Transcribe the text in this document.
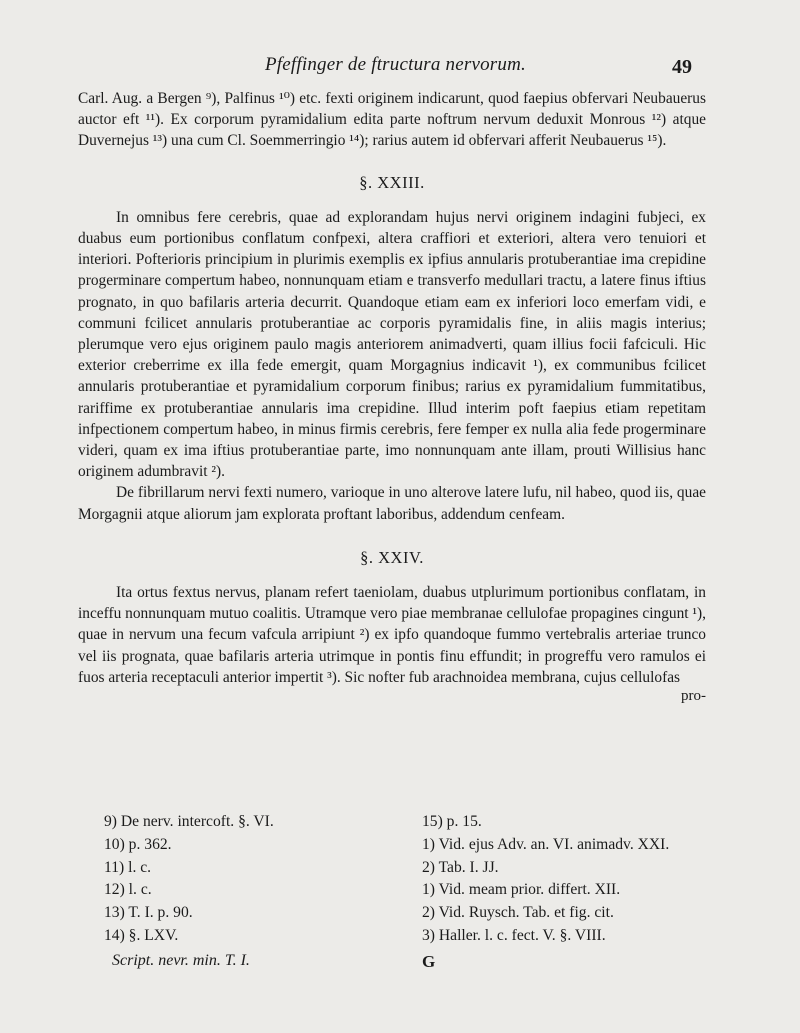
Pfeffinger de ftructura nervorum.	49

Carl. Aug. a Bergen ⁹), Palfinus ¹⁰) etc. fexti originem indicarunt, quod faepius obfervari Neubauerus auctor eft ¹¹). Ex corporum pyramidalium edita parte noftrum nervum deduxit Monrous ¹²) atque Duvernejus ¹³) una cum Cl. Soemmerringio ¹⁴); rarius autem id obfervari afferit Neubauerus ¹⁵).

§. XXIII.

In omnibus fere cerebris, quae ad explorandam hujus nervi originem indagini fubjeci, ex duabus eum portionibus conflatum confpexi, altera craffiori et exteriori, altera vero tenuiori et interiori. Pofterioris principium in plurimis exemplis ex ipfius annularis protuberantiae ima crepidine progerminare compertum habeo, nonnunquam etiam e transverfo medullari tractu, a latere finus iftius prognato, in quo bafilaris arteria decurrit. Quandoque etiam eam ex inferiori loco emerfam vidi, e communi fcilicet annularis protuberantiae ac corporis pyramidalis fine, in aliis magis interius; plerumque vero ejus originem paulo magis anteriorem animadverti, quam illius focii fafciculi. Hic exterior creberrime ex illa fede emergit, quam Morgagnius indicavit ¹), ex communibus fcilicet annularis protuberantiae et pyramidalium corporum finibus; rarius ex pyramidalium fummitatibus, rariffime ex protuberantiae annularis ima crepidine. Illud interim poft faepius etiam repetitam infpectionem compertum habeo, in minus firmis cerebris, fere femper ex nulla alia fede progerminare videri, quam ex ima iftius protuberantiae parte, imo nonnunquam ante illam, prouti Willisius hanc originem adumbravit ²).

De fibrillarum nervi fexti numero, varioque in uno alterove latere lufu, nil habeo, quod iis, quae Morgagnii atque aliorum jam explorata proftant laboribus, addendum cenfeam.

§. XXIV.

Ita ortus fextus nervus, planam refert taeniolam, duabus utplurimum portionibus conflatam, in inceffu nonnunquam mutuo coalitis. Utramque vero piae membranae cellulofae propagines cingunt ¹), quae in nervum una fecum vafcula arripiunt ²) ex ipfo quandoque fummo vertebralis arteriae trunco vel iis prognata, quae bafilaris arteria utrimque in pontis finu effundit; in progreffu vero ramulos ei fuos arteria receptaculi anterior impertit ³). Sic nofter fub arachnoidea membrana, cujus cellulofas

pro-
9) De nerv. intercoft. §. VI.
10) p. 362.
11) l. c.
12) l. c.
13) T. I. p. 90.
14) §. LXV.
15) p. 15.
1) Vid. ejus Adv. an. VI. animadv. XXI.
2) Tab. I. JJ.
1) Vid. meam prior. differt. XII.
2) Vid. Ruysch. Tab. et fig. cit.
3) Haller. l. c. fect. V. §. VIII.
Script. nevr. min. T. I.	G
